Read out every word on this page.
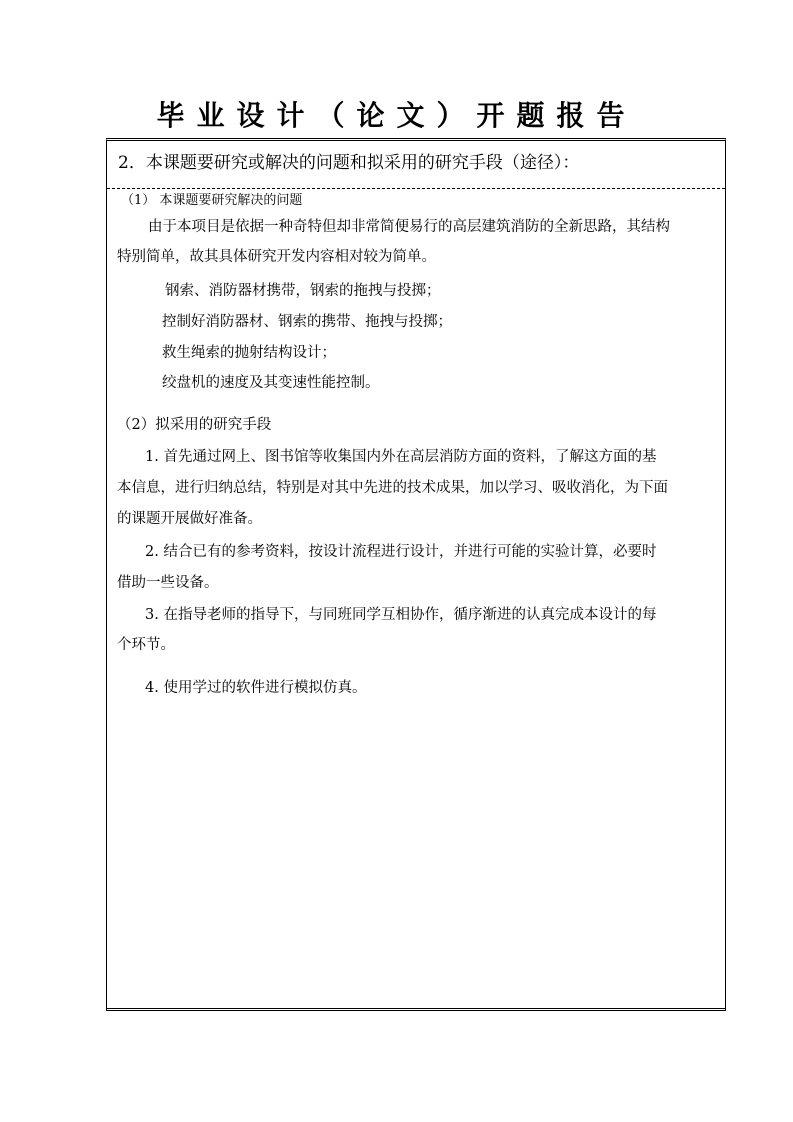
毕业设计（论文）开题报告
2．本课题要研究或解决的问题和拟采用的研究手段（途径）：
（1） 本课题要研究解决的问题
由于本项目是依据一种奇特但却非常简便易行的高层建筑消防的全新思路，其结构
特别简单，故其具体研究开发内容相对较为简单。
钢索、消防器材携带，钢索的拖拽与投掷；
控制好消防器材、钢索的携带、拖拽与投掷；
救生绳索的抛射结构设计；
绞盘机的速度及其变速性能控制。
（2）拟采用的研究手段
1. 首先通过网上、图书馆等收集国内外在高层消防方面的资料，了解这方面的基
本信息，进行归纳总结，特别是对其中先进的技术成果，加以学习、吸收消化，为下面
的课题开展做好准备。
2. 结合已有的参考资料，按设计流程进行设计，并进行可能的实验计算，必要时
借助一些设备。
3. 在指导老师的指导下，与同班同学互相协作，循序渐进的认真完成本设计的每
个环节。
4. 使用学过的软件进行模拟仿真。
